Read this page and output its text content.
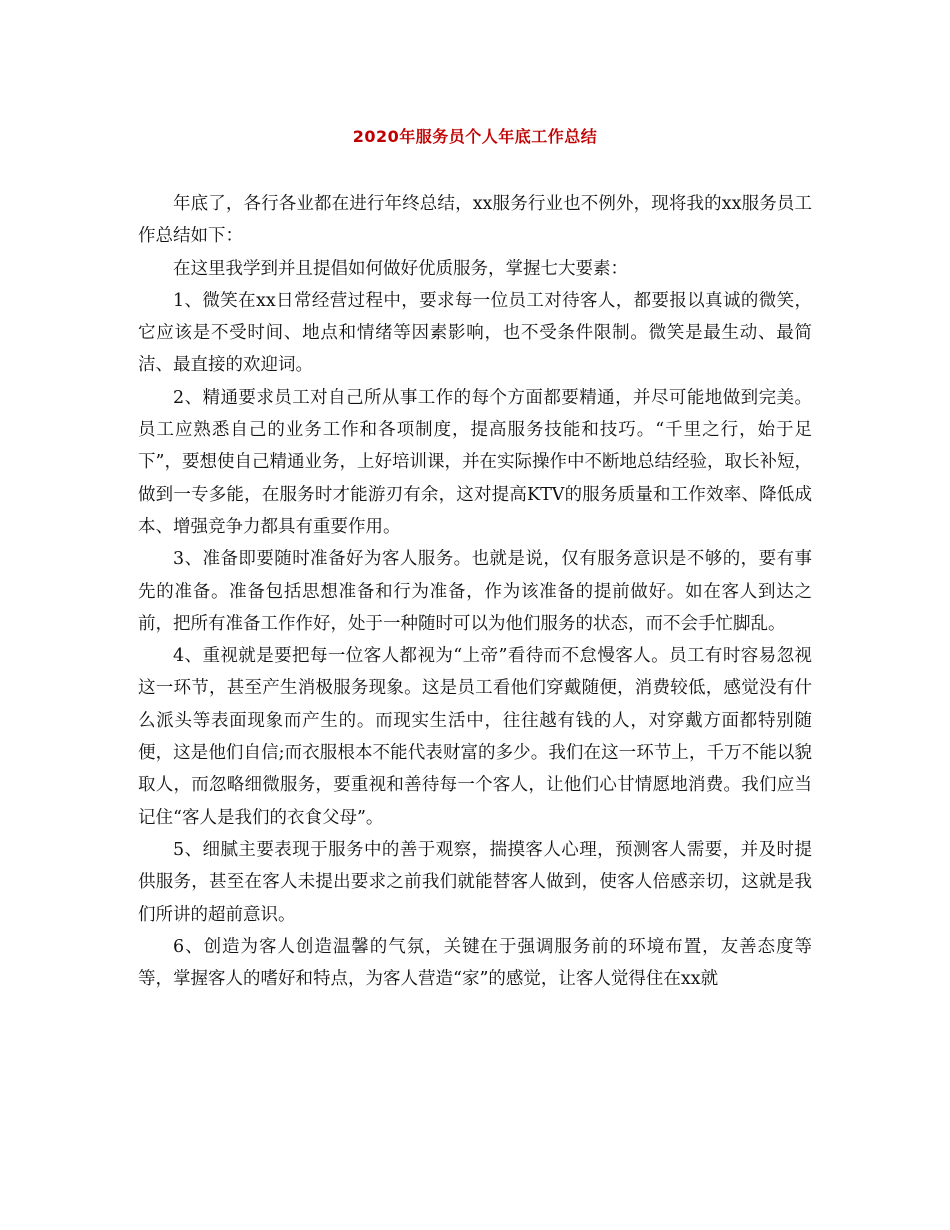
2020年服务员个人年底工作总结

年底了，各行各业都在进行年终总结，xx服务行业也不例外，现将我的xx服务员工作总结如下：

在这里我学到并且提倡如何做好优质服务，掌握七大要素：

1、微笑在xx日常经营过程中，要求每一位员工对待客人，都要报以真诚的微笑，它应该是不受时间、地点和情绪等因素影响，也不受条件限制。微笑是最生动、最简洁、最直接的欢迎词。

2、精通要求员工对自己所从事工作的每个方面都要精通，并尽可能地做到完美。员工应熟悉自己的业务工作和各项制度，提高服务技能和技巧。“千里之行，始于足下”，要想使自己精通业务，上好培训课，并在实际操作中不断地总结经验，取长补短，做到一专多能，在服务时才能游刃有余，这对提高KTV的服务质量和工作效率、降低成本、增强竞争力都具有重要作用。

3、准备即要随时准备好为客人服务。也就是说，仅有服务意识是不够的，要有事先的准备。准备包括思想准备和行为准备，作为该准备的提前做好。如在客人到达之前，把所有准备工作作好，处于一种随时可以为他们服务的状态，而不会手忙脚乱。

4、重视就是要把每一位客人都视为“上帝”看待而不怠慢客人。员工有时容易忽视这一环节，甚至产生消极服务现象。这是员工看他们穿戴随便，消费较低，感觉没有什么派头等表面现象而产生的。而现实生活中，往往越有钱的人，对穿戴方面都特别随便，这是他们自信;而衣服根本不能代表财富的多少。我们在这一环节上，千万不能以貌取人，而忽略细微服务，要重视和善待每一个客人，让他们心甘情愿地消费。我们应当记住“客人是我们的衣食父母”。

5、细腻主要表现于服务中的善于观察，揣摸客人心理，预测客人需要，并及时提供服务，甚至在客人未提出要求之前我们就能替客人做到，使客人倍感亲切，这就是我们所讲的超前意识。

6、创造为客人创造温馨的气氛，关键在于强调服务前的环境布置，友善态度等等，掌握客人的嗜好和特点，为客人营造“家”的感觉，让客人觉得住在xx就
